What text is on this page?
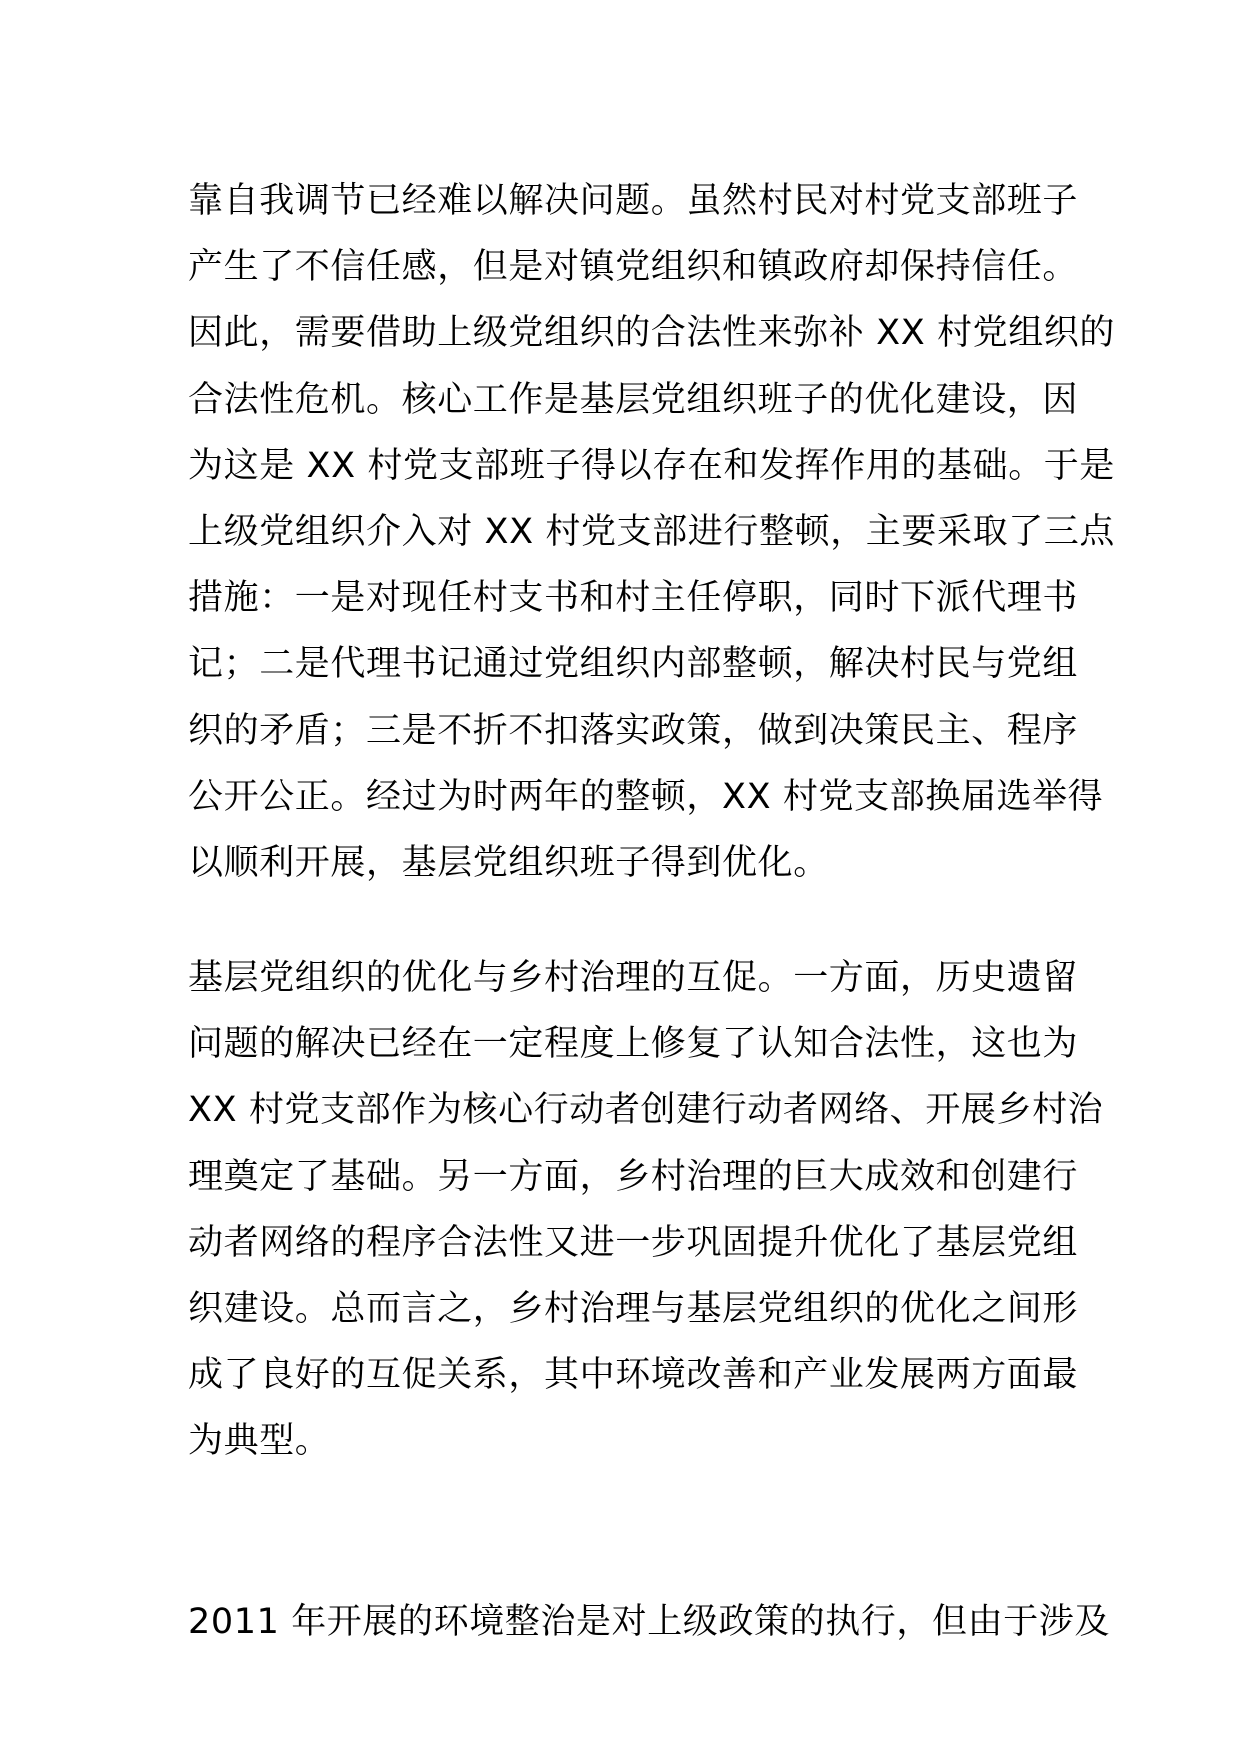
靠自我调节已经难以解决问题。虽然村民对村党支部班子
产生了不信任感，但是对镇党组织和镇政府却保持信任。
因此，需要借助上级党组织的合法性来弥补 XX 村党组织的
合法性危机。核心工作是基层党组织班子的优化建设，因
为这是 XX 村党支部班子得以存在和发挥作用的基础。于是
上级党组织介入对 XX 村党支部进行整顿，主要采取了三点
措施：一是对现任村支书和村主任停职，同时下派代理书
记；二是代理书记通过党组织内部整顿，解决村民与党组
织的矛盾；三是不折不扣落实政策，做到决策民主、程序
公开公正。经过为时两年的整顿，XX 村党支部换届选举得
以顺利开展，基层党组织班子得到优化。
基层党组织的优化与乡村治理的互促。一方面，历史遗留
问题的解决已经在一定程度上修复了认知合法性，这也为
XX 村党支部作为核心行动者创建行动者网络、开展乡村治
理奠定了基础。另一方面，乡村治理的巨大成效和创建行
动者网络的程序合法性又进一步巩固提升优化了基层党组
织建设。总而言之，乡村治理与基层党组织的优化之间形
成了良好的互促关系，其中环境改善和产业发展两方面最
为典型。
2011 年开展的环境整治是对上级政策的执行，但由于涉及
